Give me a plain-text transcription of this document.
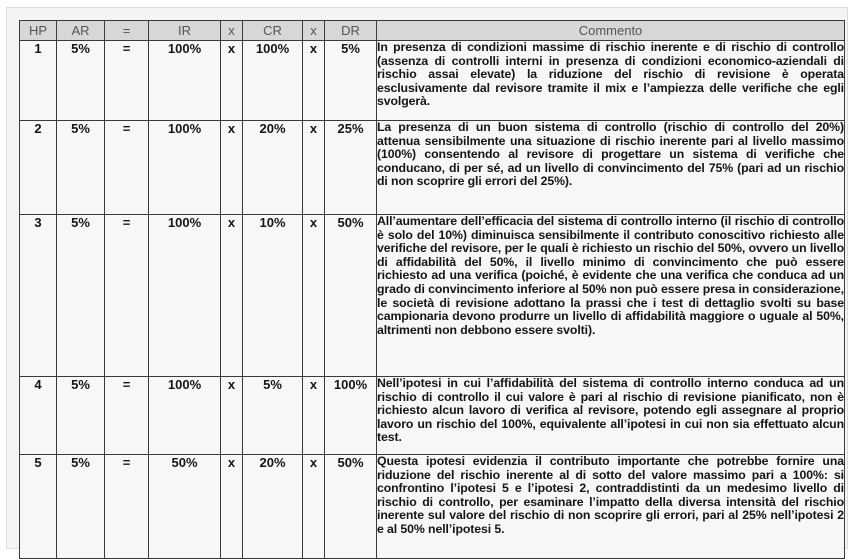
HP	AR	=	IR	x	CR	x	DR	Commento
1	5%	=	100%	x	100%	x	5%	In presenza di condizioni massime di rischio inerente e di rischio di controllo (assenza di controlli interni in presenza di condizioni economico-aziendali di rischio assai elevate) la riduzione del rischio di revisione è operata esclusivamente dal revisore tramite il mix e l’ampiezza delle verifiche che egli svolgerà.
2	5%	=	100%	x	20%	x	25%	La presenza di un buon sistema di controllo (rischio di controllo del 20%) attenua sensibilmente una situazione di rischio inerente pari al livello massimo (100%) consentendo al revisore di progettare un sistema di verifiche che conducano, di per sé, ad un livello di convincimento del 75% (pari ad un rischio di non scoprire gli errori del 25%).
3	5%	=	100%	x	10%	x	50%	All’aumentare dell’efficacia del sistema di controllo interno (il rischio di controllo è solo del 10%) diminuisca sensibilmente il contributo conoscitivo richiesto alle verifiche del revisore, per le quali è richiesto un rischio del 50%, ovvero un livello di affidabilità del 50%, il livello minimo di convincimento che può essere richiesto ad una verifica (poiché, è evidente che una verifica che conduca ad un grado di convincimento inferiore al 50% non può essere presa in considerazione, le società di revisione adottano la prassi che i test di dettaglio svolti su base campionaria devono produrre un livello di affidabilità maggiore o uguale al 50%, altrimenti non debbono essere svolti).
4	5%	=	100%	x	5%	x	100%	Nell’ipotesi in cui l’affidabilità del sistema di controllo interno conduca ad un rischio di controllo il cui valore è pari al rischio di revisione pianificato, non è richiesto alcun lavoro di verifica al revisore, potendo egli assegnare al proprio lavoro un rischio del 100%, equivalente all’ipotesi in cui non sia effettuato alcun test.
5	5%	=	50%	x	20%	x	50%	Questa ipotesi evidenzia il contributo importante che potrebbe fornire una riduzione del rischio inerente al di sotto del valore massimo pari a 100%: si confrontino l’ipotesi 5 e l’ipotesi 2, contraddistinti da un medesimo livello di rischio di controllo, per esaminare l’impatto della diversa intensità del rischio inerente sul valore del rischio di non scoprire gli errori, pari al 25% nell’ipotesi 2 e al 50% nell’ipotesi 5.
